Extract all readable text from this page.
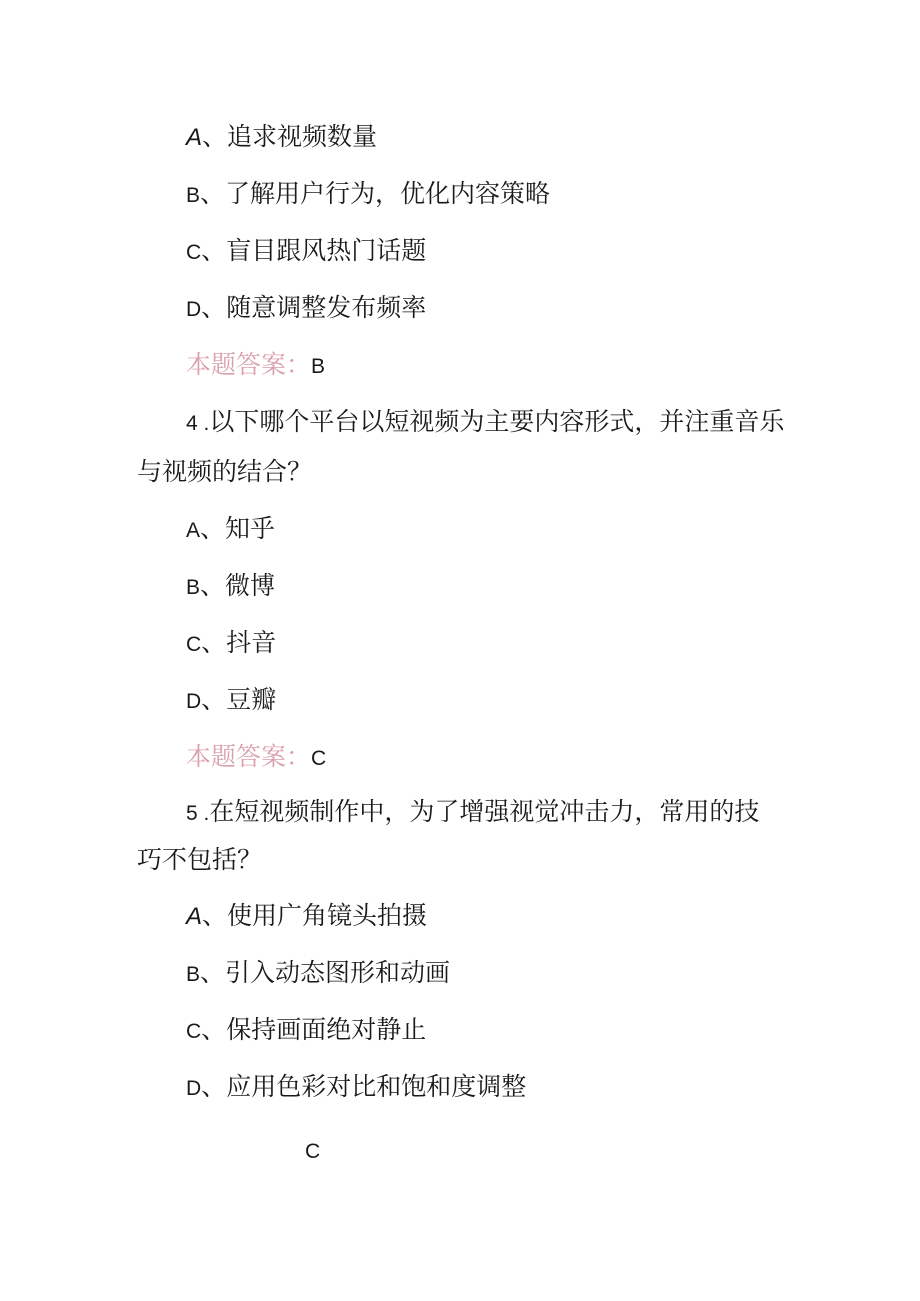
A、追求视频数量
B、了解用户行为，优化内容策略
C、盲目跟风热门话题
D、随意调整发布频率
本题答案：B
4 .以下哪个平台以短视频为主要内容形式，并注重音乐
与视频的结合？
A、知乎
B、微博
C、抖音
D、豆瓣
本题答案：C
5 .在短视频制作中，为了增强视觉冲击力，常用的技
巧不包括？
A、使用广角镜头拍摄
B、引入动态图形和动画
C、保持画面绝对静止
D、应用色彩对比和饱和度调整
C
